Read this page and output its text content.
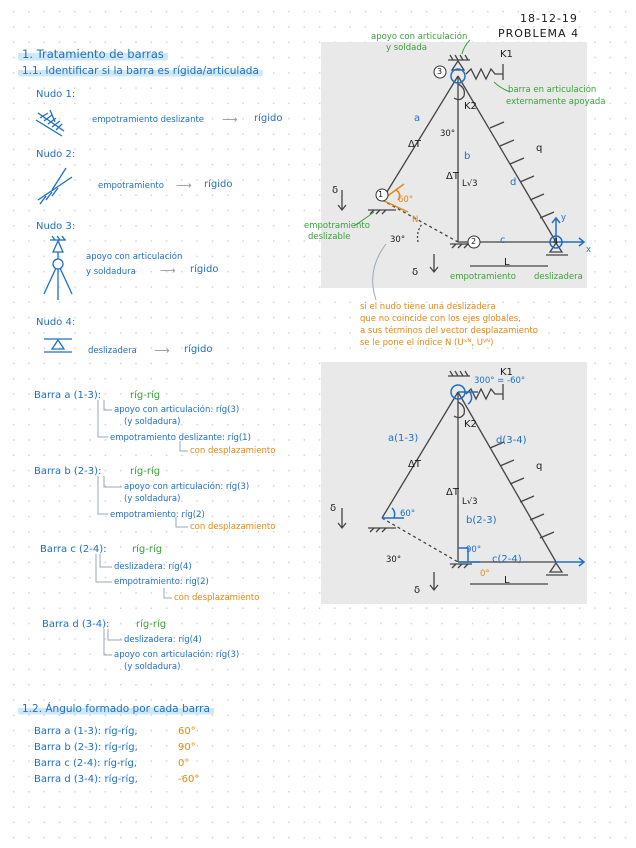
18-12-19
PROBLEMA 4
1. Tratamiento de barras
1.1. Identificar si la barra es rígida/articulada
Nudo 1:
empotramiento deslizante ⟶ rígido
Nudo 2:
empotramiento ⟶ rígido
Nudo 3:
apoyo con articulación
y soldadura ⟶ rígido
Nudo 4:
deslizadera ⟶ rígido
Barra a (1-3):	ríg-ríg
apoyo con articulación: ríg(3)
(y soldadura)
empotramiento deslizante: ríg(1)
con desplazamiento
Barra b (2-3):	ríg-ríg
apoyo con articulación: ríg(3)
(y soldadura)
empotramiento: ríg(2)
con desplazamiento
Barra c (2-4):	ríg-ríg
deslizadera: ríg(4)
empotramiento: ríg(2)
con desplazamiento
Barra d (3-4):	ríg-ríg
deslizadera: ríg(4)
apoyo con articulación: ríg(3)
(y soldadura)
1.2. Ángulo formado por cada barra
Barra a (1-3): ríg-ríg,	60°
Barra b (2-3): ríg-ríg,	90°
Barra c (2-4): ríg-ríg,	0°
Barra d (3-4): ríg-ríg,	-60°
1
2
3
4
K1
K2
a
b
d
c
ΔT
ΔT
L√3
30°
30°
60°
N
q
L
δ
δ
x
y
apoyo con articulación
y soldada
barra en articulación
externamente apoyada
empotramiento
deslizable
empotramiento deslizadera
si el nudo tiene una deslizadera
que no coincide con los ejes globales,
a sus términos del vector desplazamiento
se le pone el índice N (Uˣᴺ, Uʸᴺ)
300° = -60°
K1
K2
a(1-3)	d(3-4)
b(2-3)
c(2-4)
60°
90°
0°
ΔT
ΔT
L√3
30°
q
L
δ
δ
